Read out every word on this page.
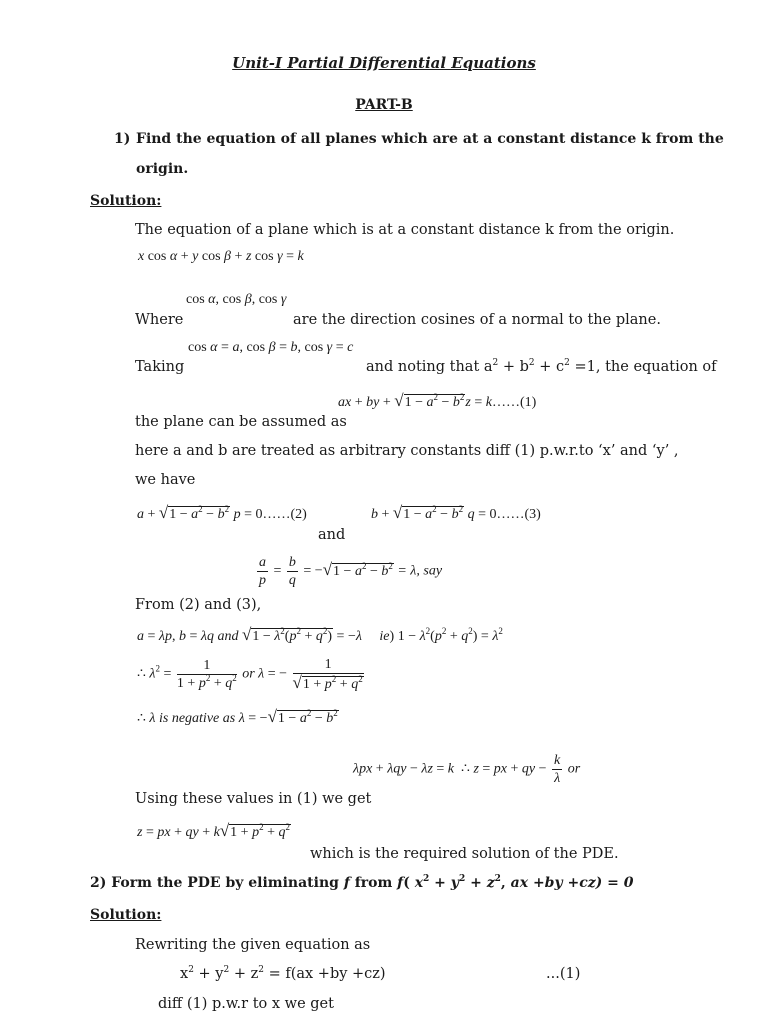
Unit-I Partial Differential Equations
PART-B
1) Find the equation of all planes which are at a constant distance k from the
origin.
Solution:
The equation of a plane which is at a constant distance k from the origin.
x cos α + y cos β + z cos γ = k
cos α, cos β, cos γ
Where	are the direction cosines of a normal to the plane.
cos α = a, cos β = b, cos γ = c
Taking	and noting that $a^2 + b^2 + c^2 =1$, the equation of
ax + by + $√1 - a^2 - b^2z$ = k……(1)
the plane can be assumed as
here a and b are treated as arbitrary constants diff (1) p.w.r.to ‘x’ and ‘y’ ,
we have
$a + √1 - a^2 - b^2$ p = 0……(2)	$b + √1 - a^2 - b^2$ q = 0……(3)
and
$\frac{a}{p} = \frac{b}{q} = -√1 - a^2 - b^2 = \lambda$, say
From (2) and (3),
a = λp, b = λq and $√1 - \lambda^2(p^2 + q^2) = -\lambda$ ie) $1 - \lambda^2(p^2 + q^2) = \lambda^2$
∴ $\lambda^2 = \frac{1}{1 + p^2 + q^2}$ or λ = − $\frac{1}{√1 + p^2 + q^2}$
∴ λ is negative as $\lambda = -√1 - a^2 - b^2$
λpx + λqy − λz = k  ∴ z = px + qy − $\frac{k}{\lambda}$ or
Using these values in (1) we get
z = px + qy + $k√1 + p^2 + q^2$
which is the required solution of the PDE.
2) Form the PDE by eliminating f from f( $x^2 + y^2 + z^2$, ax +by +cz) = 0
Solution:
Rewriting the given equation as
$x^2 + y^2 + z^2 = f(ax +by +cz)$	...(1)
diff (1) p.w.r to x we get
